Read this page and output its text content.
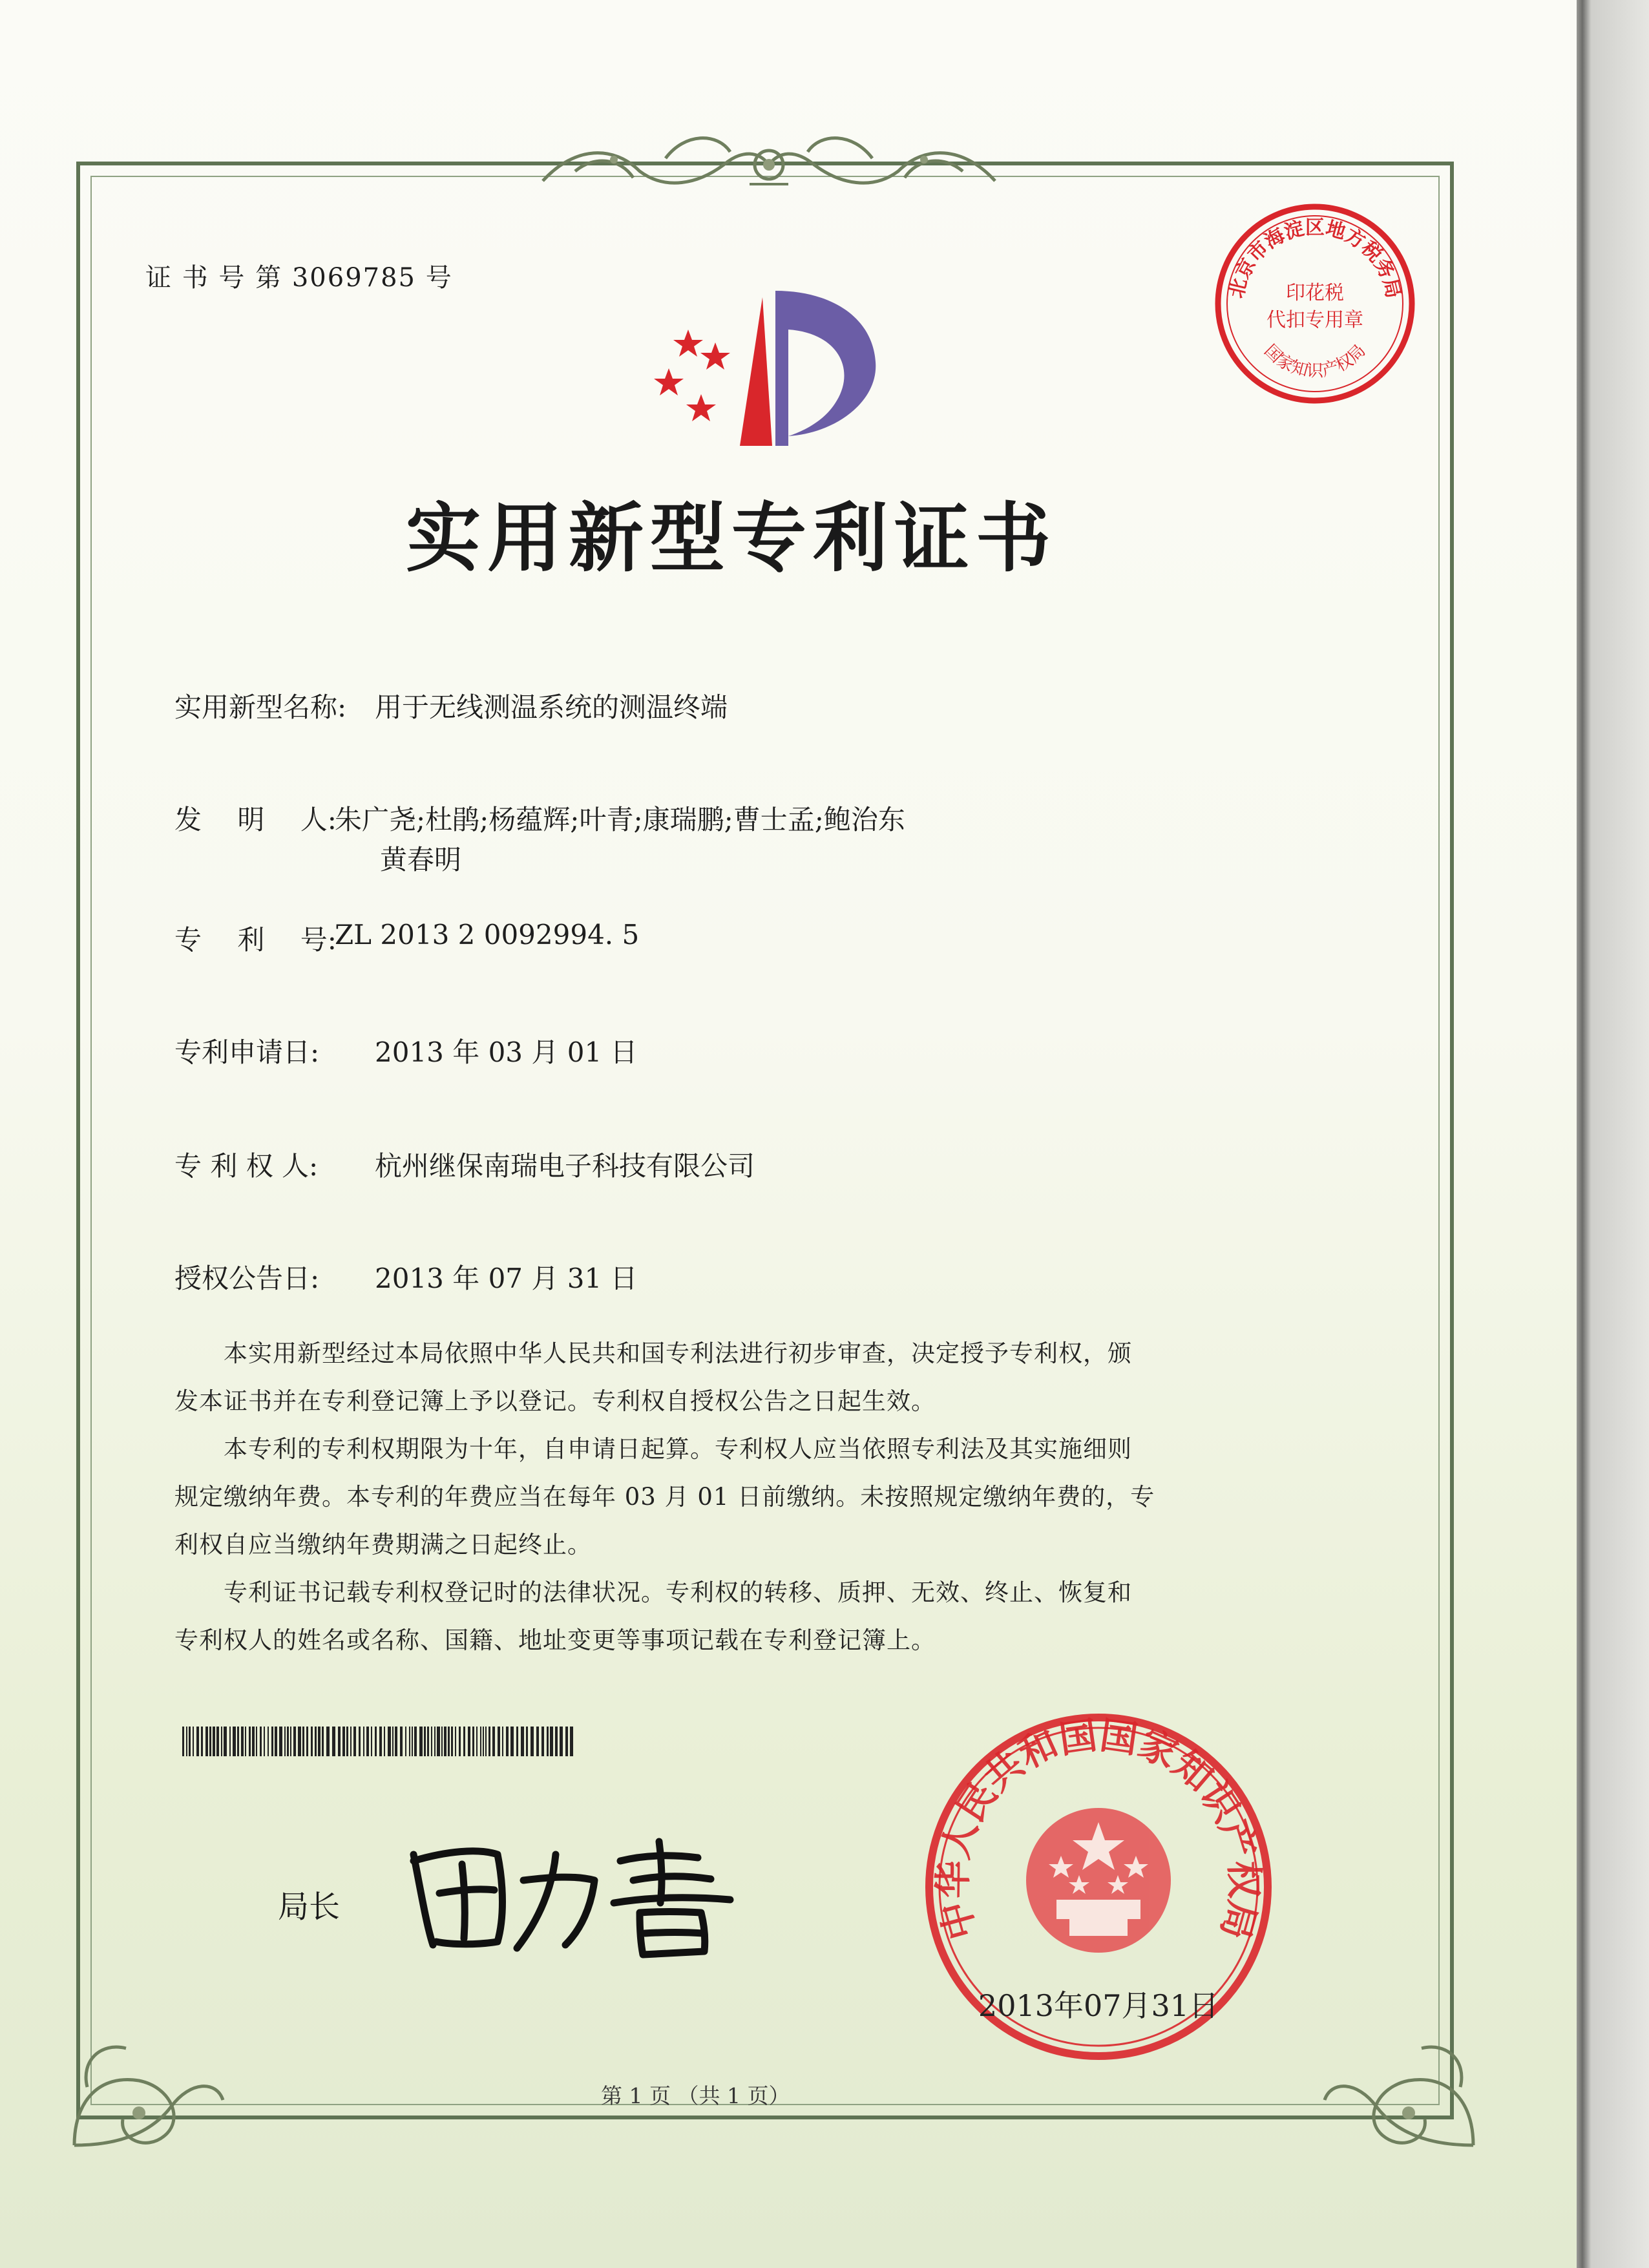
证 书 号 第 3069785 号
实用新型专利证书
北京市海淀区地方税务局
印花税
代扣专用章
国家知识产权局
实用新型名称: 用于无线测温系统的测温终端
发　 明　 人:
朱广尧;杜鹃;杨蕴辉;叶青;康瑞鹏;曹士孟;鲍治东
黄春明
专　 利　 号:
ZL 2013 2 0092994. 5
专利申请日: 2013 年 03 月 01 日
专 利 权 人: 杭州继保南瑞电子科技有限公司
授权公告日: 2013 年 07 月 31 日
　　本实用新型经过本局依照中华人民共和国专利法进行初步审查，决定授予专利权，颁
发本证书并在专利登记簿上予以登记。专利权自授权公告之日起生效。
　　本专利的专利权期限为十年，自申请日起算。专利权人应当依照专利法及其实施细则
规定缴纳年费。本专利的年费应当在每年 03 月 01 日前缴纳。未按照规定缴纳年费的，专
利权自应当缴纳年费期满之日起终止。
　　专利证书记载专利权登记时的法律状况。专利权的转移、质押、无效、终止、恢复和
专利权人的姓名或名称、国籍、地址变更等事项记载在专利登记簿上。
局长
田力普
中华人民共和国国家知识产权局
2013年07月31日
第 1 页 （共 1 页）
